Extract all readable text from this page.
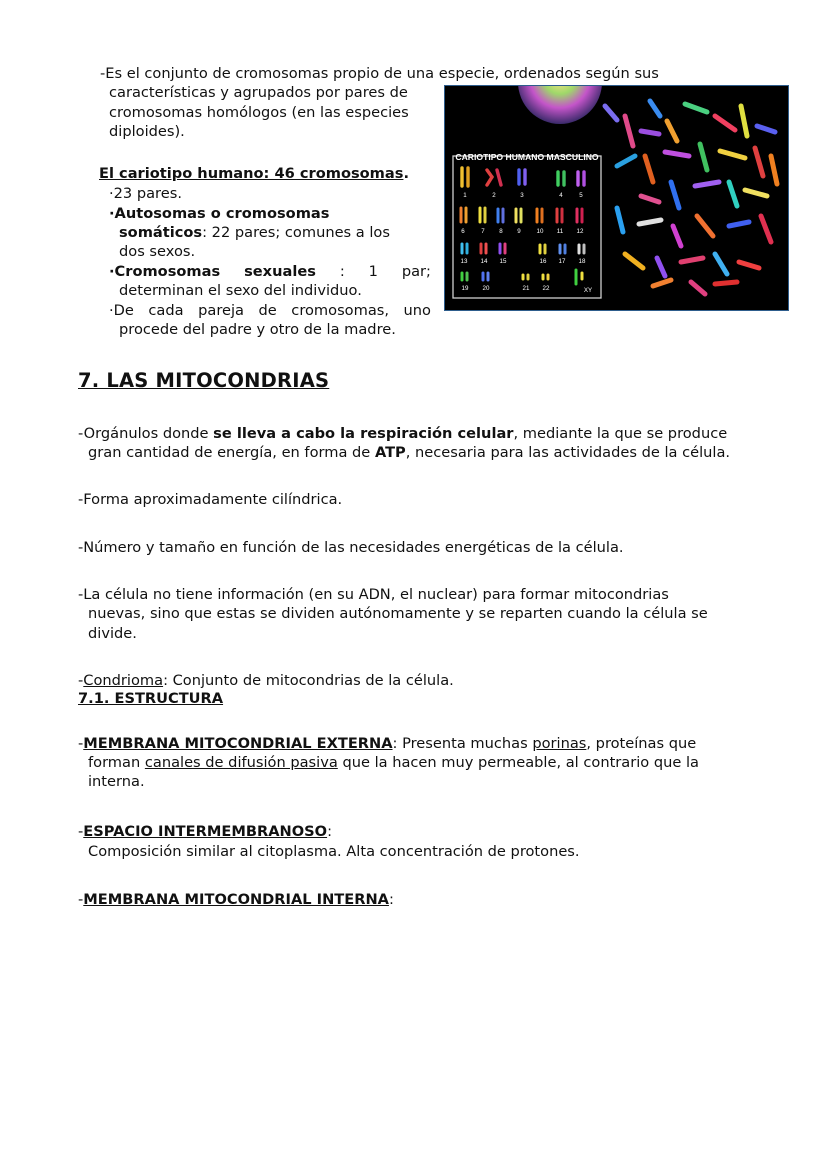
-Es el conjunto de cromosomas propio de una especie, ordenados según sus
características y agrupados por pares de
cromosomas homólogos (en las especies
diploides).
El cariotipo humano: 46 cromosomas.
·23 pares.
·Autosomas o cromosomas
somáticos: 22 pares; comunes a los
dos sexos.
·Cromosomas sexuales : 1 par;
determinan el sexo del individuo.
·De cada pareja de cromosomas, uno
procede del padre y otro de la madre.
CARIOTIPO HUMANO MASCULINO
1	2	3	4	5
6	7 8 9	10 11 12
13 14 15	16 17 18
19 20	21 22	XY
7. LAS MITOCONDRIAS
-Orgánulos donde se lleva a cabo la respiración celular, mediante la que se produce
gran cantidad de energía, en forma de ATP, necesaria para las actividades de la célula.
-Forma aproximadamente cilíndrica.
-Número y tamaño en función de las necesidades energéticas de la célula.
-La célula no tiene información (en su ADN, el nuclear) para formar mitocondrias
nuevas, sino que estas se dividen autónomamente y se reparten cuando la célula se
divide.
-Condrioma: Conjunto de mitocondrias de la célula.
7.1. ESTRUCTURA
-MEMBRANA MITOCONDRIAL EXTERNA: Presenta muchas porinas, proteínas que
forman canales de difusión pasiva que la hacen muy permeable, al contrario que la
interna.
-ESPACIO INTERMEMBRANOSO:
Composición similar al citoplasma. Alta concentración de protones.
-MEMBRANA MITOCONDRIAL INTERNA:
